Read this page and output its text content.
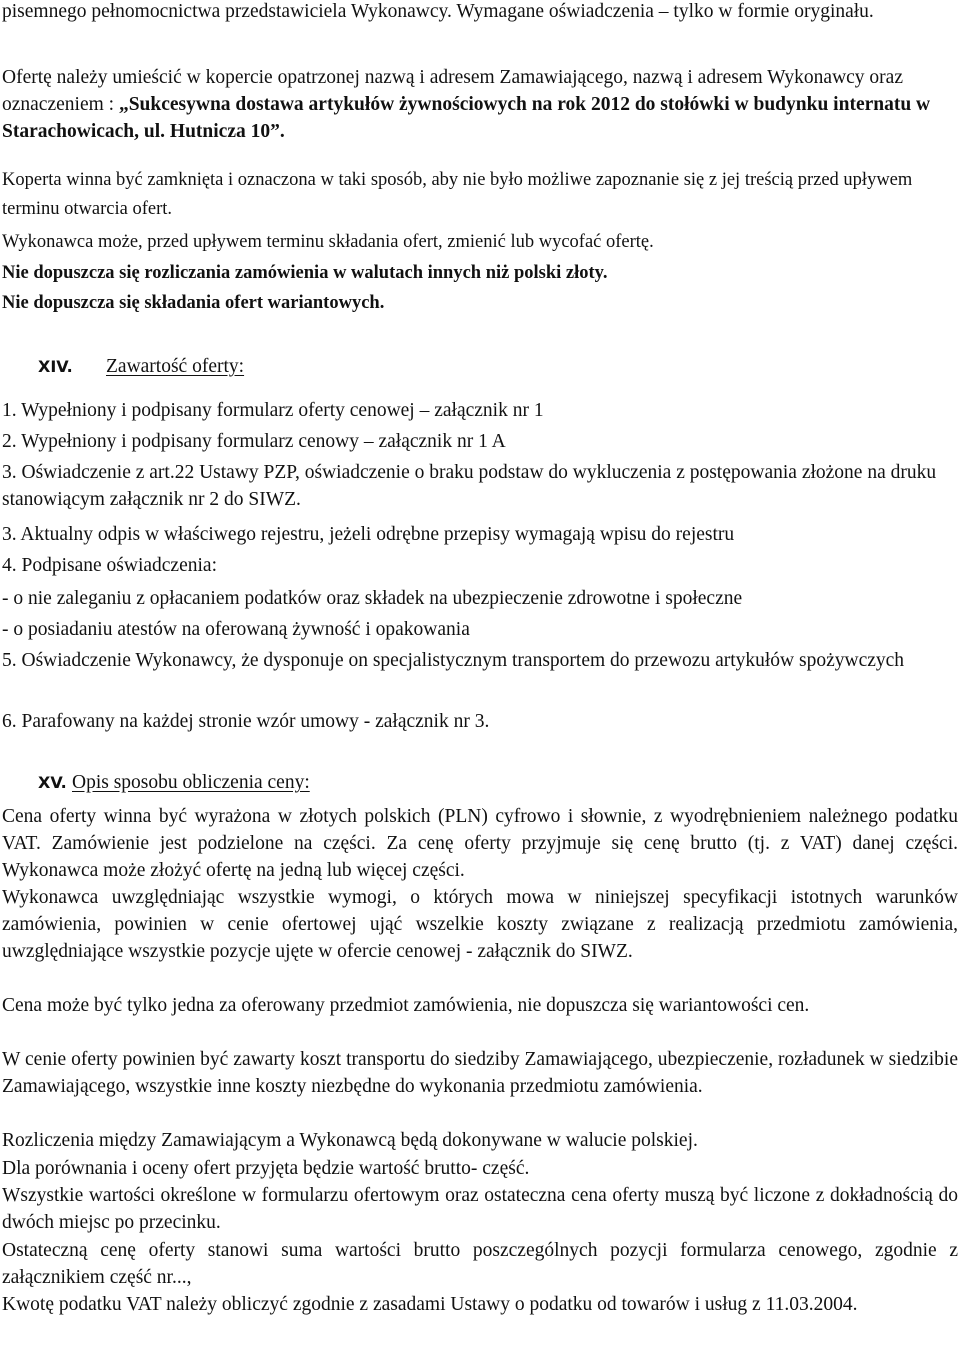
pisemnego pełnomocnictwa przedstawiciela Wykonawcy. Wymagane oświadczenia – tylko w formie oryginału.

Ofertę należy umieścić w kopercie opatrzonej nazwą i adresem Zamawiającego, nazwą i adresem Wykonawcy oraz oznaczeniem : „Sukcesywna dostawa artykułów żywnościowych na rok 2012 do stołówki w budynku internatu w Starachowicach, ul. Hutnicza 10”.

Koperta winna być zamknięta i oznaczona w taki sposób, aby nie było możliwe zapoznanie się z jej treścią przed upływem terminu otwarcia ofert.

Wykonawca może, przed upływem terminu składania ofert, zmienić lub wycofać ofertę.

Nie dopuszcza się rozliczania zamówienia w walutach innych niż polski złoty.

Nie dopuszcza się składania ofert wariantowych.

XIV. Zawartość oferty:

1. Wypełniony i podpisany formularz oferty cenowej – załącznik nr 1

2. Wypełniony i podpisany formularz cenowy – załącznik nr 1 A

3. Oświadczenie z art.22 Ustawy PZP, oświadczenie o braku podstaw do wykluczenia z postępowania złożone na druku stanowiącym załącznik nr 2 do SIWZ.

3. Aktualny odpis w właściwego rejestru, jeżeli odrębne przepisy wymagają wpisu do rejestru

4. Podpisane oświadczenia:

- o nie zaleganiu z opłacaniem podatków oraz składek na ubezpieczenie zdrowotne i społeczne

- o posiadaniu atestów na oferowaną żywność i opakowania

5. Oświadczenie Wykonawcy, że dysponuje on specjalistycznym transportem do przewozu artykułów spożywczych

6. Parafowany na każdej stronie wzór umowy - załącznik nr 3.

XV. Opis sposobu obliczenia ceny:

Cena oferty winna być wyrażona w złotych polskich (PLN) cyfrowo i słownie, z wyodrębnieniem należnego podatku VAT. Zamówienie jest podzielone na części. Za cenę oferty przyjmuje się cenę brutto (tj. z VAT) danej części. Wykonawca może złożyć ofertę na jedną lub więcej części.

Wykonawca uwzględniając wszystkie wymogi, o których mowa w niniejszej specyfikacji istotnych warunków zamówienia, powinien w cenie ofertowej ująć wszelkie koszty związane z realizacją przedmiotu zamówienia, uwzględniające wszystkie pozycje ujęte w ofercie cenowej - załącznik do SIWZ.

Cena może być tylko jedna za oferowany przedmiot zamówienia, nie dopuszcza się wariantowości cen.

W cenie oferty powinien być zawarty koszt transportu do siedziby Zamawiającego, ubezpieczenie, rozładunek w siedzibie Zamawiającego, wszystkie inne koszty niezbędne do wykonania przedmiotu zamówienia.

Rozliczenia między Zamawiającym a Wykonawcą będą dokonywane w walucie polskiej.

Dla porównania i oceny ofert przyjęta będzie wartość brutto- część.

Wszystkie wartości określone w formularzu ofertowym oraz ostateczna cena oferty muszą być liczone z dokładnością do dwóch miejsc po przecinku.

Ostateczną cenę oferty stanowi suma wartości brutto poszczególnych pozycji formularza cenowego, zgodnie z załącznikiem część nr...,

Kwotę podatku VAT należy obliczyć zgodnie z zasadami Ustawy o podatku od towarów i usług z 11.03.2004.
